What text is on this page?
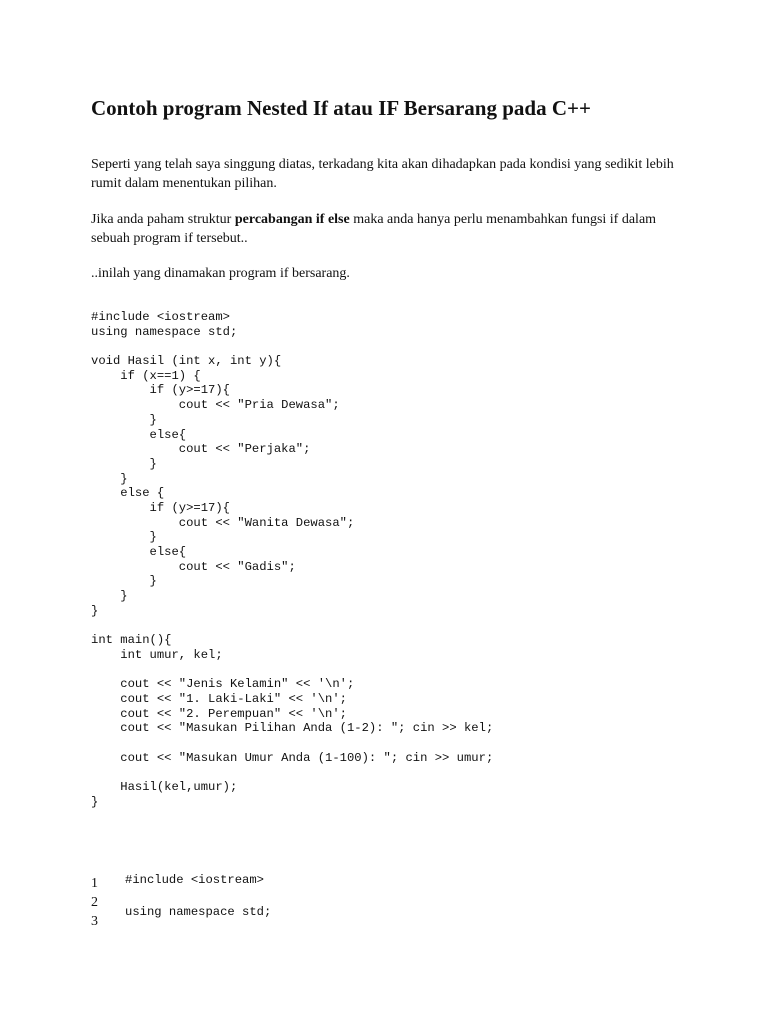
Contoh program Nested If atau IF Bersarang pada C++

Seperti yang telah saya singgung diatas, terkadang kita akan dihadapkan pada kondisi yang sedikit lebih rumit dalam menentukan pilihan.

Jika anda paham struktur percabangan if else maka anda hanya perlu menambahkan fungsi if dalam sebuah program if tersebut..

..inilah yang dinamakan program if bersarang.

#include <iostream>
using namespace std;
void Hasil (int x, int y){
if (x==1) {
if (y>=17){
cout << "Pria Dewasa";
}
else{
cout << "Perjaka";
}
}
else {
if (y>=17){
cout << "Wanita Dewasa";
}
else{
cout << "Gadis";
}
}
}
int main(){
int umur, kel;
cout << "Jenis Kelamin" << '\n';
cout << "1. Laki-Laki" << '\n';
cout << "2. Perempuan" << '\n';
cout << "Masukan Pilihan Anda (1-2): "; cin >> kel;
cout << "Masukan Umur Anda (1-100): "; cin >> umur;
Hasil(kel,umur);
}
1
2
3
#include <iostream>
using namespace std;
